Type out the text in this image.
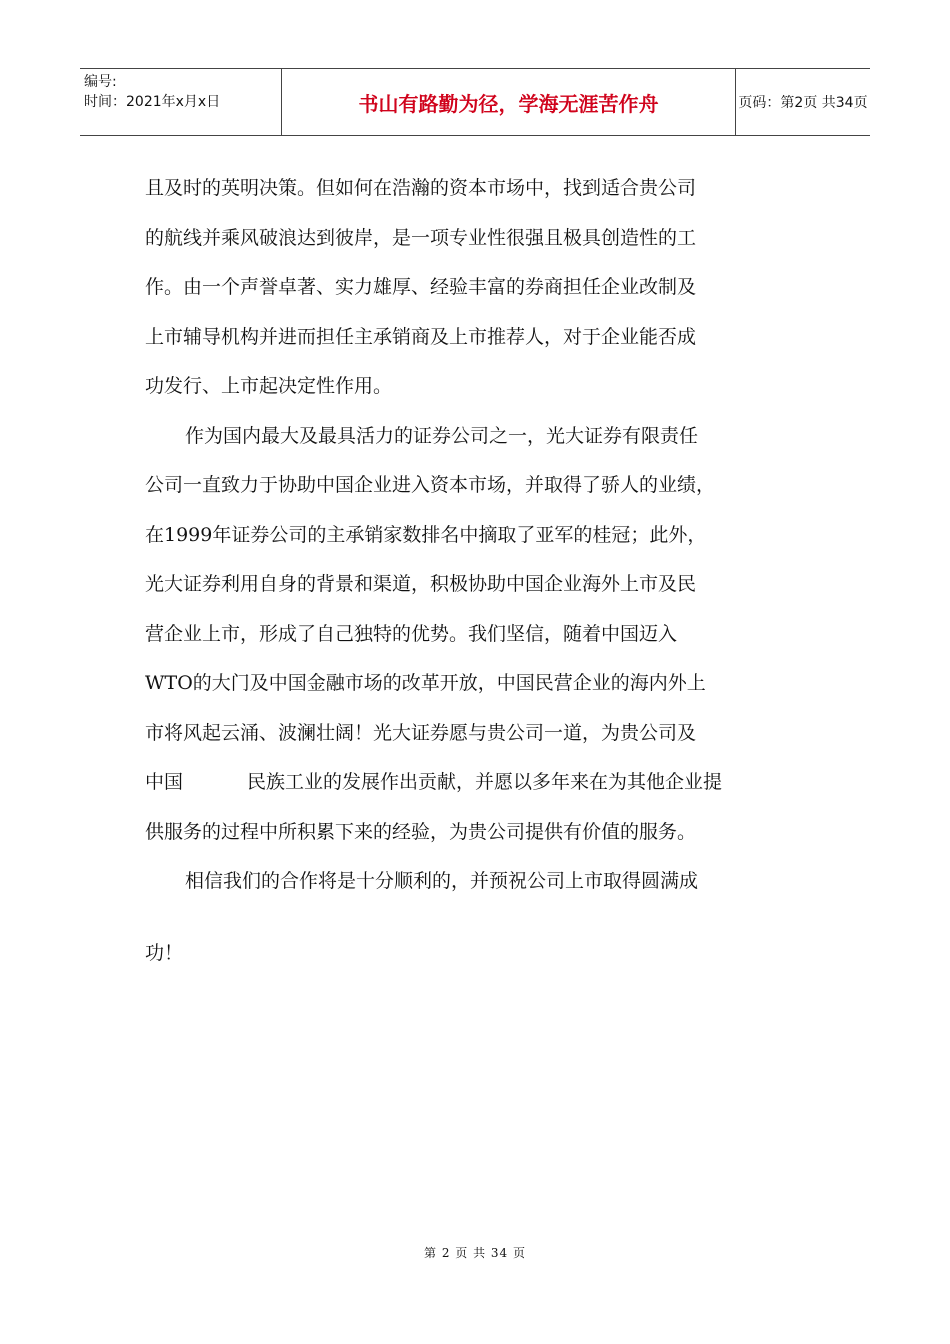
编号:
时间：2021年x月x日	书山有路勤为径，学海无涯苦作舟	页码：第2页 共34页
且及时的英明决策。但如何在浩瀚的资本市场中，找到适合贵公司
的航线并乘风破浪达到彼岸，是一项专业性很强且极具创造性的工
作。由一个声誉卓著、实力雄厚、经验丰富的券商担任企业改制及
上市辅导机构并进而担任主承销商及上市推荐人，对于企业能否成
功发行、上市起决定性作用。
作为国内最大及最具活力的证券公司之一，光大证券有限责任
公司一直致力于协助中国企业进入资本市场，并取得了骄人的业绩，
在1999年证券公司的主承销家数排名中摘取了亚军的桂冠；此外，
光大证券利用自身的背景和渠道，积极协助中国企业海外上市及民
营企业上市，形成了自己独特的优势。我们坚信，随着中国迈入
WTO的大门及中国金融市场的改革开放，中国民营企业的海内外上
市将风起云涌、波澜壮阔！光大证券愿与贵公司一道，为贵公司及
中国	民族工业的发展作出贡献，并愿以多年来在为其他企业提
供服务的过程中所积累下来的经验，为贵公司提供有价值的服务。
相信我们的合作将是十分顺利的，并预祝公司上市取得圆满成
功！
第 2 页 共 34 页
